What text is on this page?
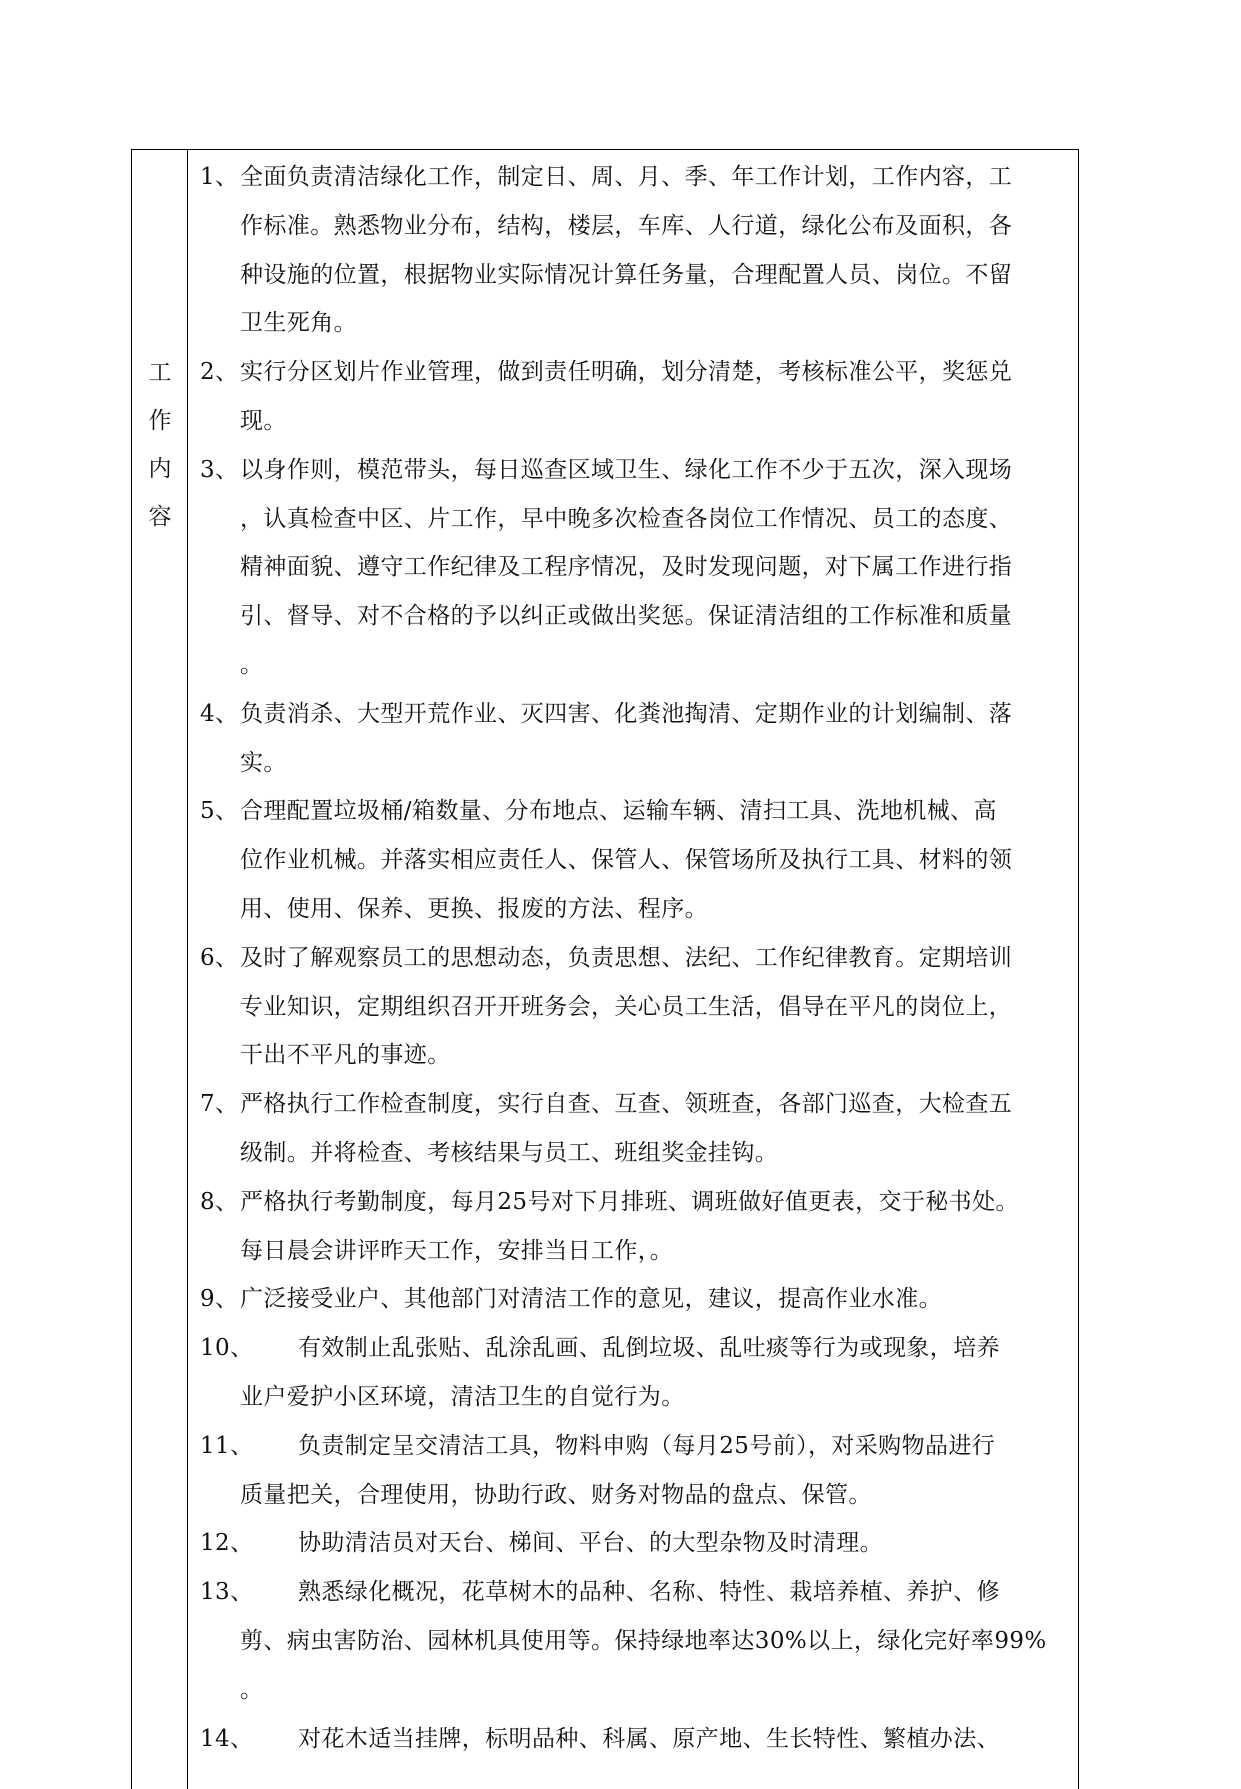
工
作
内
容
1、 全面负责清洁绿化工作，制定日、周、月、季、年工作计划，工作内容，工
作标准。熟悉物业分布，结构，楼层，车库、人行道，绿化公布及面积，各
种设施的位置，根据物业实际情况计算任务量，合理配置人员、岗位。不留
卫生死角。
2、 实行分区划片作业管理，做到责任明确，划分清楚，考核标准公平，奖惩兑
现。
3、 以身作则，模范带头，每日巡查区域卫生、绿化工作不少于五次，深入现场
，认真检查中区、片工作，早中晚多次检查各岗位工作情况、员工的态度、
精神面貌、遵守工作纪律及工程序情况，及时发现问题，对下属工作进行指
引、督导、对不合格的予以纠正或做出奖惩。保证清洁组的工作标准和质量
。
4、 负责消杀、大型开荒作业、灭四害、化粪池掏清、定期作业的计划编制、落
实。
5、 合理配置垃圾桶/箱数量、分布地点、运输车辆、清扫工具、洗地机械、高
位作业机械。并落实相应责任人、保管人、保管场所及执行工具、材料的领
用、使用、保养、更换、报废的方法、程序。
6、 及时了解观察员工的思想动态，负责思想、法纪、工作纪律教育。定期培训
专业知识，定期组织召开开班务会，关心员工生活，倡导在平凡的岗位上，
干出不平凡的事迹。
7、 严格执行工作检查制度，实行自查、互查、领班查，各部门巡查，大检查五
级制。并将检查、考核结果与员工、班组奖金挂钩。
8、 严格执行考勤制度，每月25号对下月排班、调班做好值更表，交于秘书处。
每日晨会讲评昨天工作，安排当日工作，。
9、 广泛接受业户、其他部门对清洁工作的意见，建议，提高作业水准。
10、	有效制止乱张贴、乱涂乱画、乱倒垃圾、乱吐痰等行为或现象，培养
业户爱护小区环境，清洁卫生的自觉行为。
11、	负责制定呈交清洁工具，物料申购（每月25号前），对采购物品进行
质量把关，合理使用，协助行政、财务对物品的盘点、保管。
12、	协助清洁员对天台、梯间、平台、的大型杂物及时清理。
13、	熟悉绿化概况，花草树木的品种、名称、特性、栽培养植、养护、修
剪、病虫害防治、园林机具使用等。保持绿地率达30%以上，绿化完好率99%
。
14、	对花木适当挂牌，标明品种、科属、原产地、生长特性、繁植办法、
